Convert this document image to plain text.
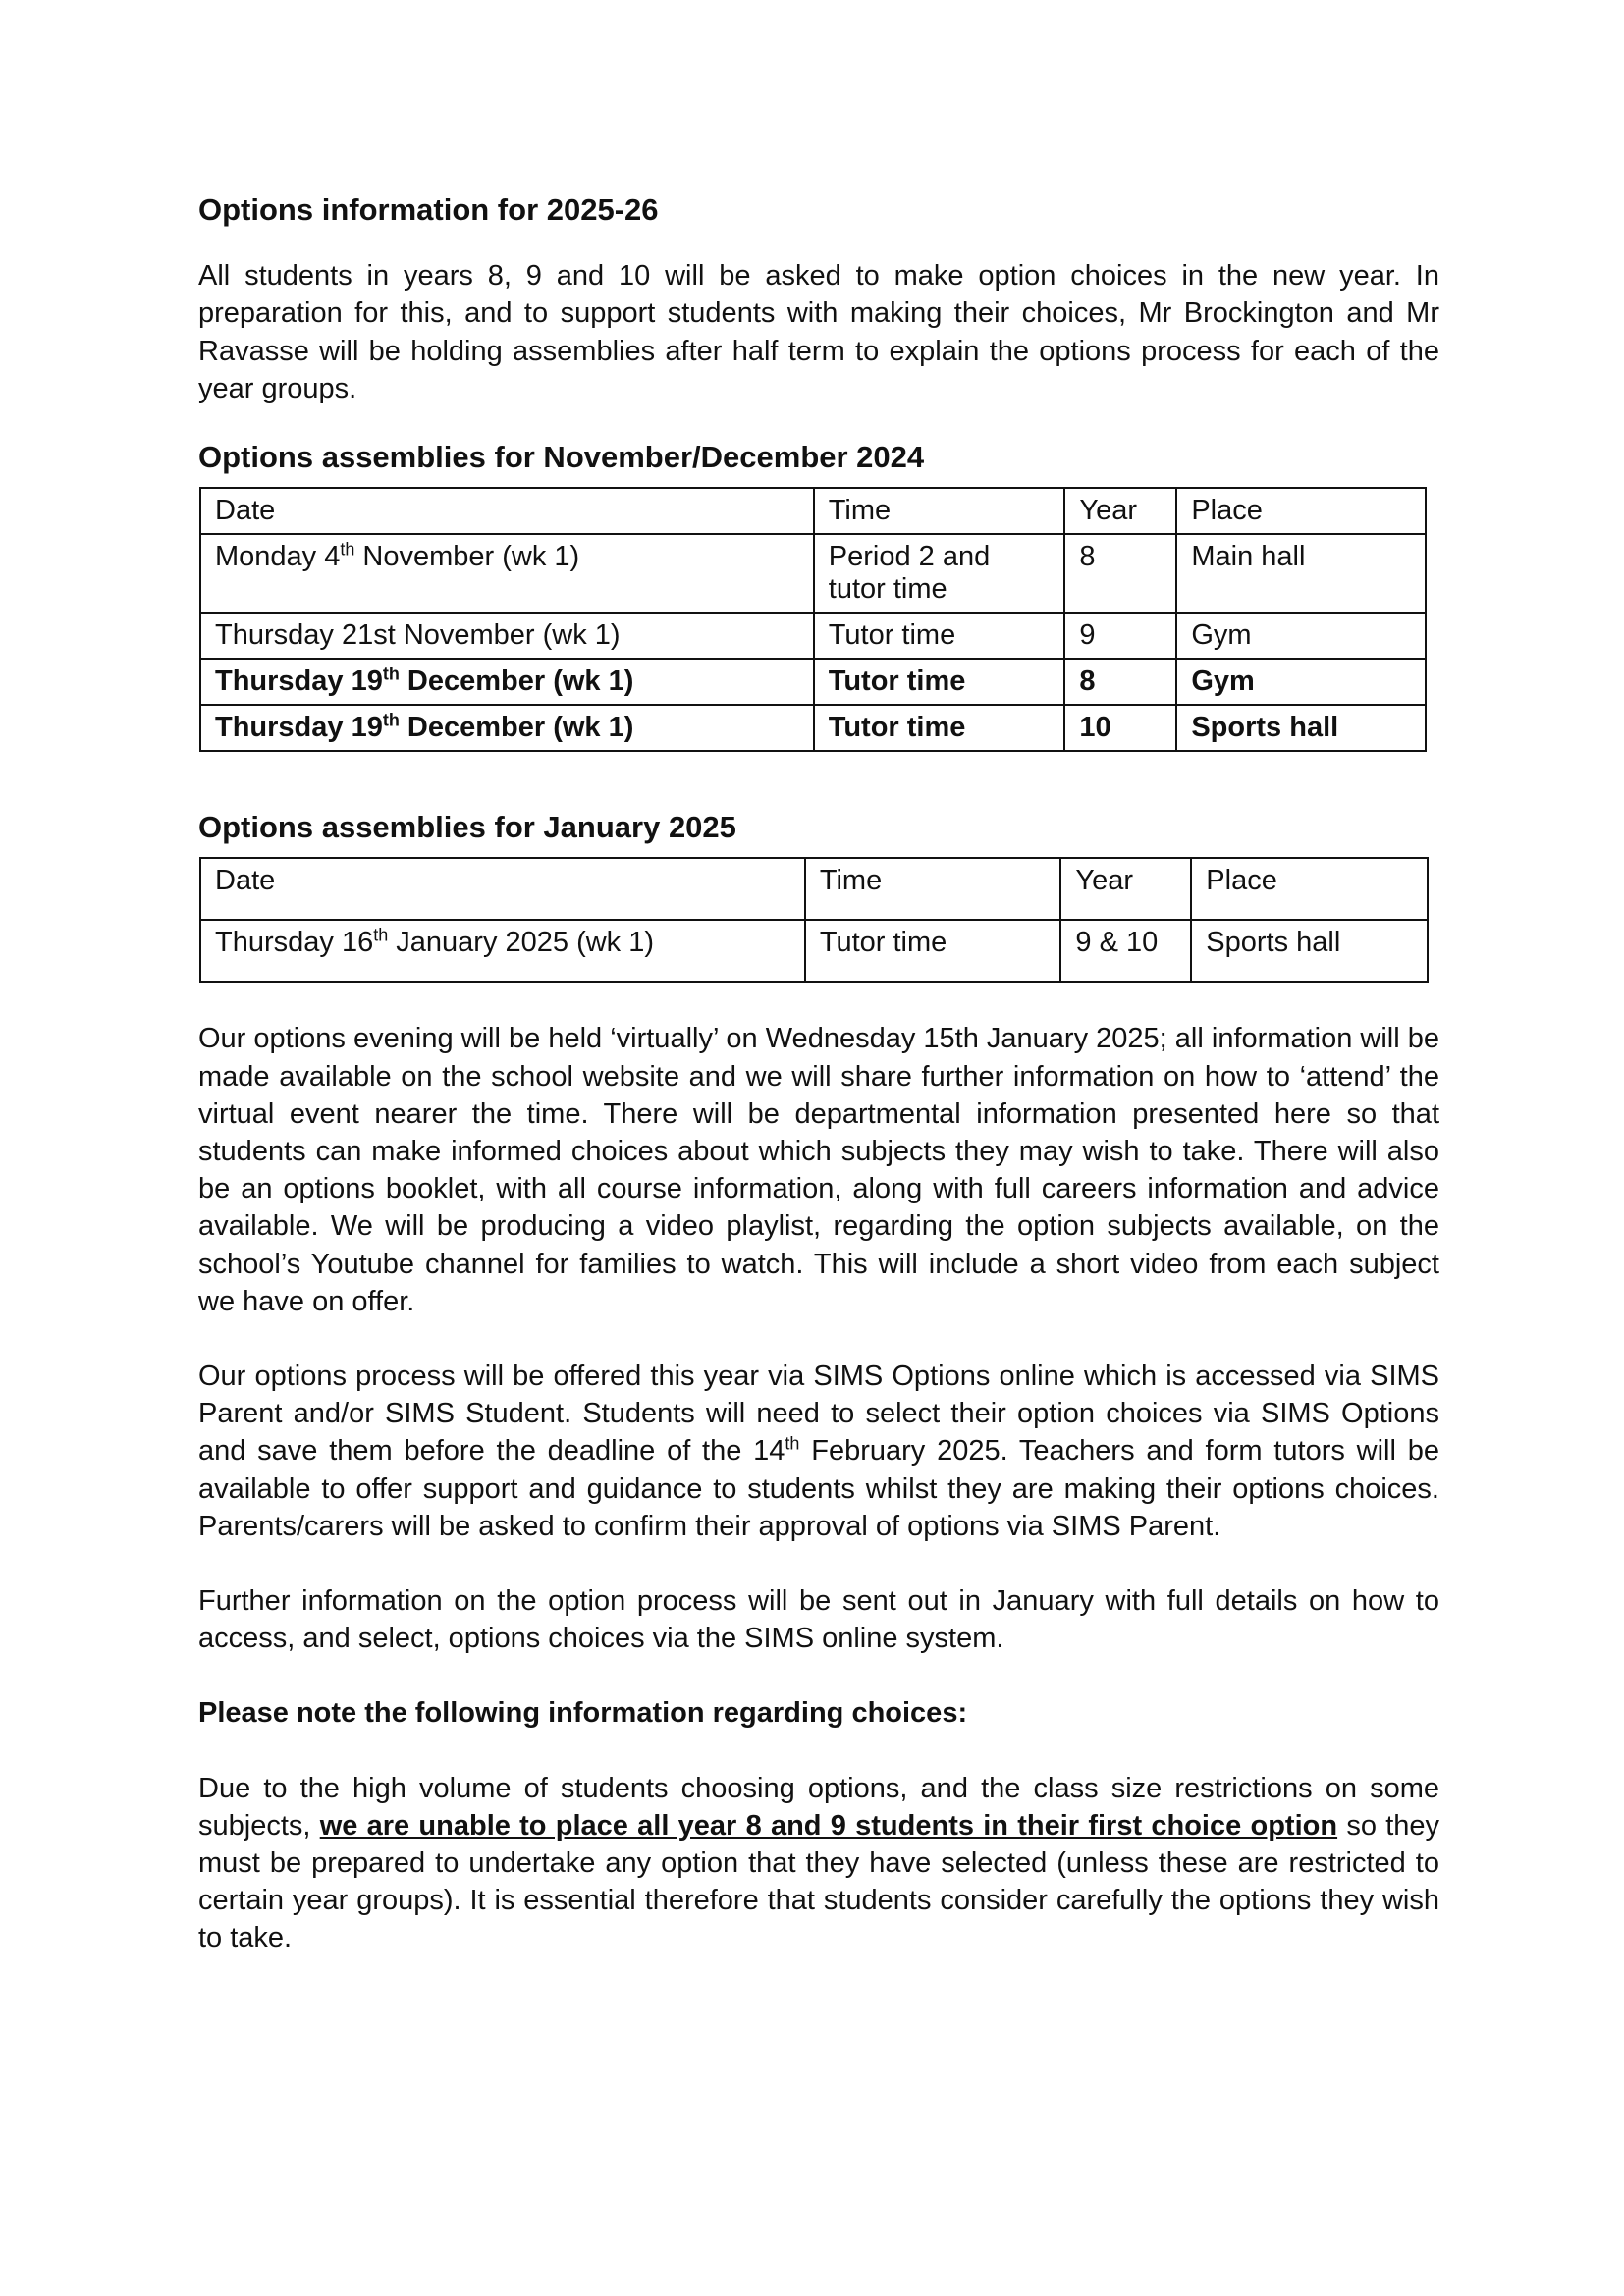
Options information for 2025-26

All students in years 8, 9 and 10 will be asked to make option choices in the new year. In preparation for this, and to support students with making their choices, Mr Brockington and Mr Ravasse will be holding assemblies after half term to explain the options process for each of the year groups.

Options assemblies for November/December 2024
Date	Time	Year	Place
Monday 4th November (wk 1)	Period 2 and tutor time	8	Main hall
Thursday 21st November (wk 1)	Tutor time	9	Gym
Thursday 19th December (wk 1)	Tutor time	8	Gym
Thursday 19th December (wk 1)	Tutor time	10	Sports hall
Options assemblies for January 2025
Date	Time	Year	Place
Thursday 16th January 2025 (wk 1)	Tutor time	9 & 10	Sports hall

Our options evening will be held ‘virtually’ on Wednesday 15th January 2025; all information will be made available on the school website and we will share further information on how to ‘attend’ the virtual event nearer the time. There will be departmental information presented here so that students can make informed choices about which subjects they may wish to take. There will also be an options booklet, with all course information, along with full careers information and advice available. We will be producing a video playlist, regarding the option subjects available, on the school’s Youtube channel for families to watch. This will include a short video from each subject we have on offer.

Our options process will be offered this year via SIMS Options online which is accessed via SIMS Parent and/or SIMS Student. Students will need to select their option choices via SIMS Options and save them before the deadline of the 14th February 2025. Teachers and form tutors will be available to offer support and guidance to students whilst they are making their options choices. Parents/carers will be asked to confirm their approval of options via SIMS Parent.

Further information on the option process will be sent out in January with full details on how to access, and select, options choices via the SIMS online system.

Please note the following information regarding choices:

Due to the high volume of students choosing options, and the class size restrictions on some subjects, we are unable to place all year 8 and 9 students in their first choice option so they must be prepared to undertake any option that they have selected (unless these are restricted to certain year groups). It is essential therefore that students consider carefully the options they wish to take.
